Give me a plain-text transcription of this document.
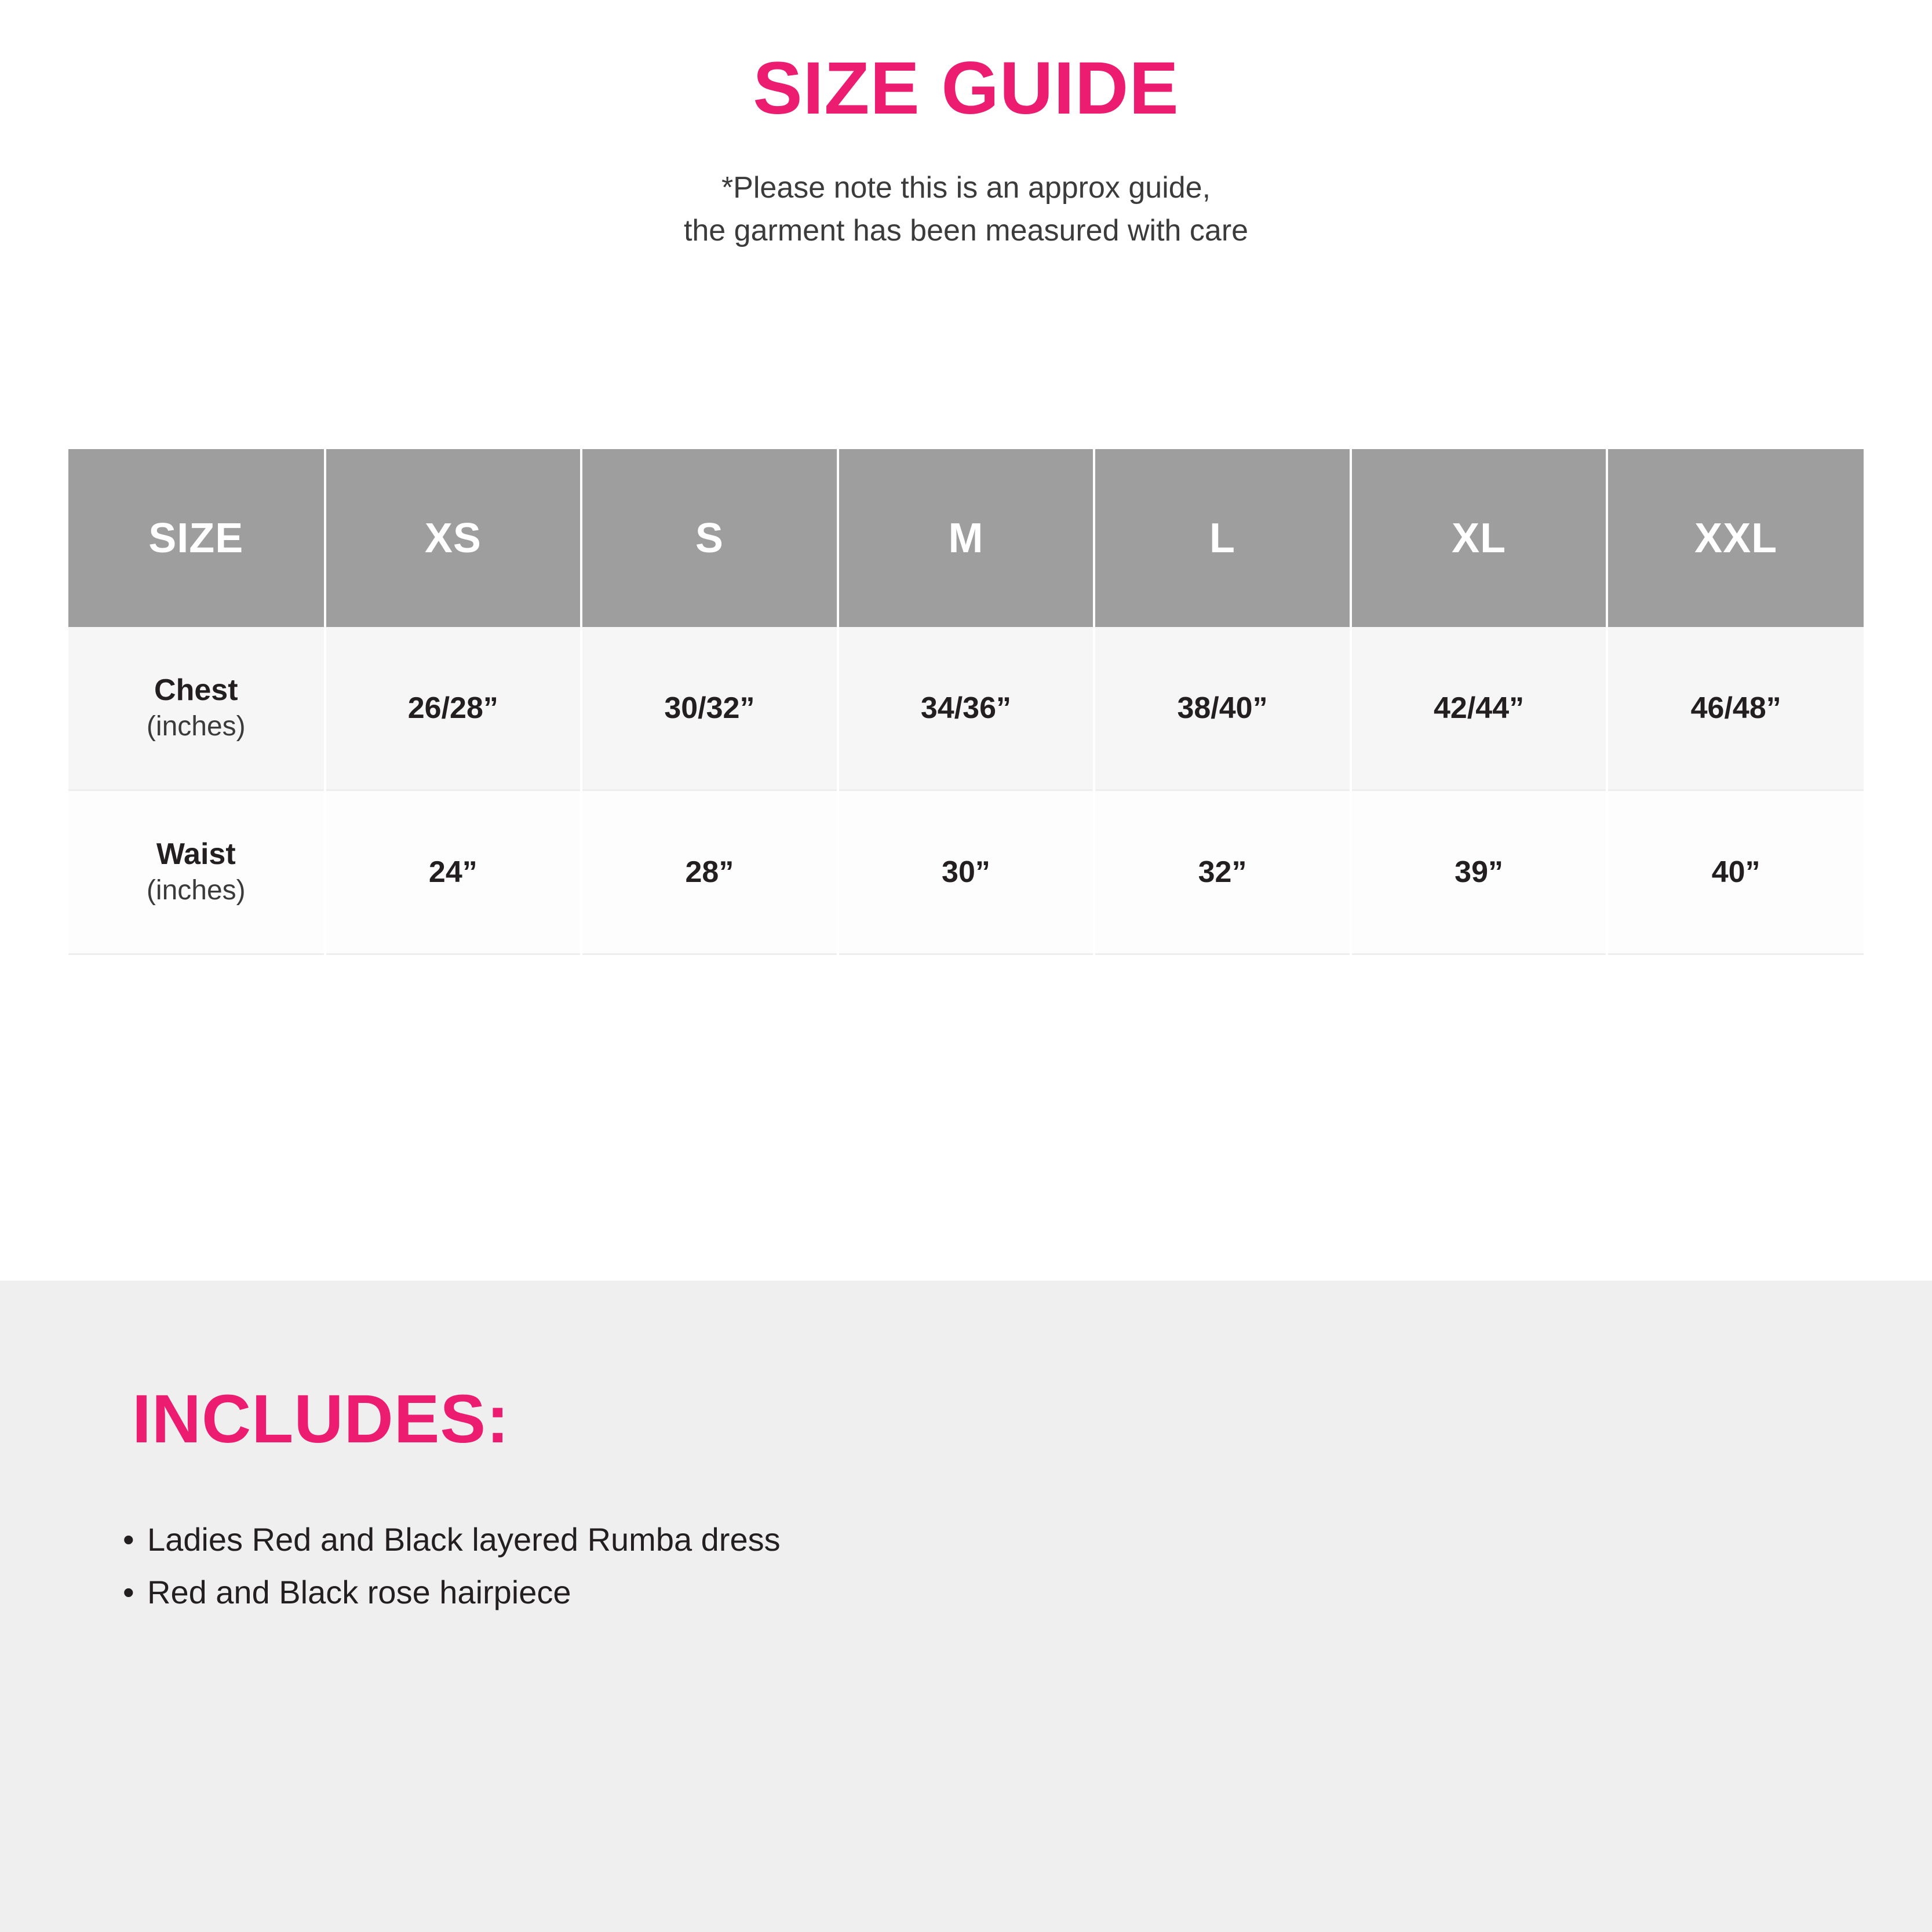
SIZE GUIDE
*Please note this is an approx guide,
the garment has been measured with care
SIZE	XS	S	M	L	XL	XXL
Chest
(inches)	26/28”	30/32”	34/36”	38/40”	42/44”	46/48”
Waist
(inches)	24”	28”	30”	32”	39”	40”
INCLUDES:
• Ladies Red and Black layered Rumba dress
• Red and Black rose hairpiece
